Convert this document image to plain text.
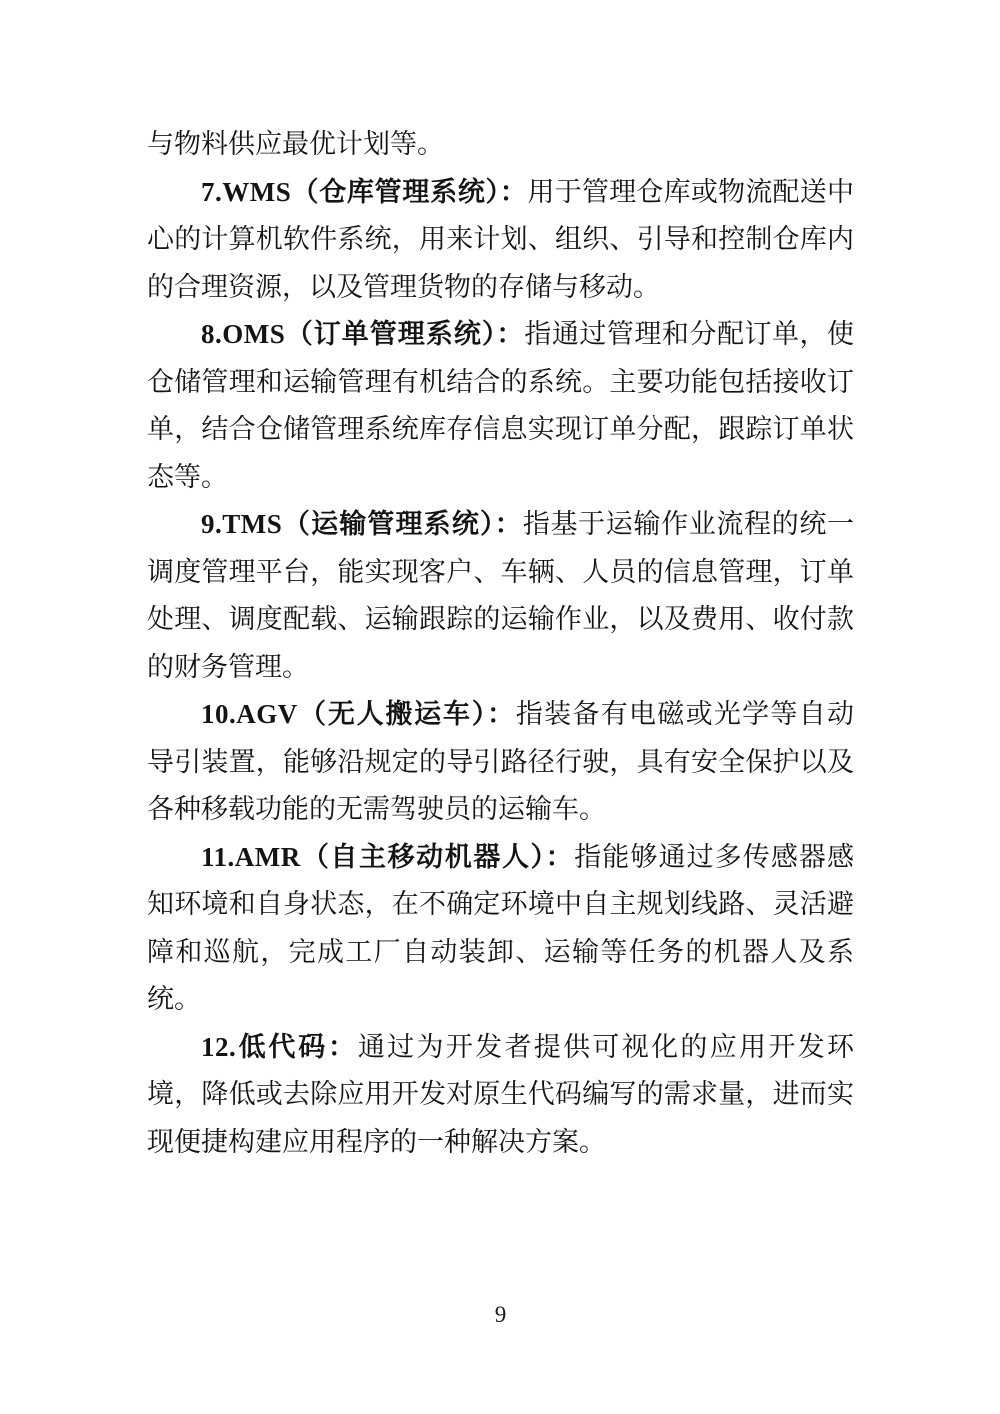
与物料供应最优计划等。

7.WMS（仓库管理系统）：用于管理仓库或物流配送中心的计算机软件系统，用来计划、组织、引导和控制仓库内的合理资源，以及管理货物的存储与移动。

8.OMS（订单管理系统）：指通过管理和分配订单，使仓储管理和运输管理有机结合的系统。主要功能包括接收订单，结合仓储管理系统库存信息实现订单分配，跟踪订单状态等。

9.TMS（运输管理系统）：指基于运输作业流程的统一调度管理平台，能实现客户、车辆、人员的信息管理，订单处理、调度配载、运输跟踪的运输作业，以及费用、收付款的财务管理。

10.AGV（无人搬运车）：指装备有电磁或光学等自动导引装置，能够沿规定的导引路径行驶，具有安全保护以及各种移载功能的无需驾驶员的运输车。

11.AMR（自主移动机器人）：指能够通过多传感器感知环境和自身状态，在不确定环境中自主规划线路、灵活避障和巡航，完成工厂自动装卸、运输等任务的机器人及系统。

12.低代码：通过为开发者提供可视化的应用开发环境，降低或去除应用开发对原生代码编写的需求量，进而实现便捷构建应用程序的一种解决方案。

9
